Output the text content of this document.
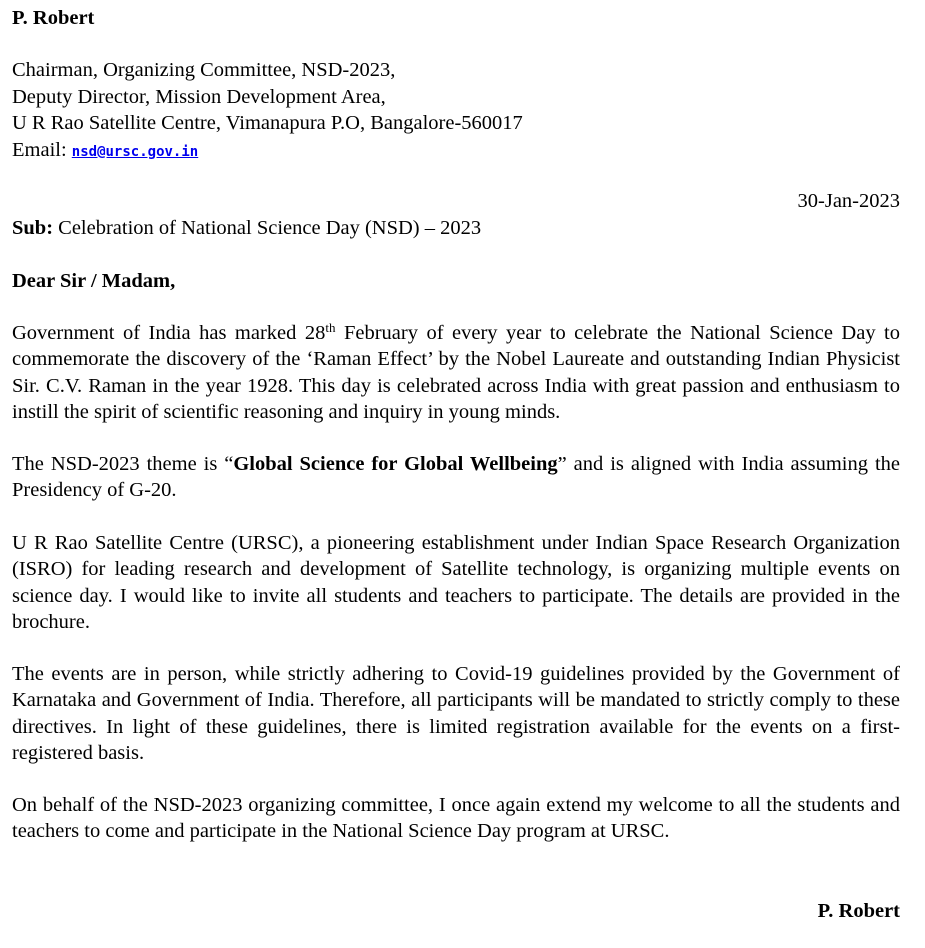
P. Robert
Chairman, Organizing Committee, NSD-2023,
Deputy Director, Mission Development Area,
U R Rao Satellite Centre, Vimanapura P.O, Bangalore-560017
Email: nsd@ursc.gov.in
30-Jan-2023
Sub: Celebration of National Science Day (NSD) – 2023
Dear Sir / Madam,
Government of India has marked 28th February of every year to celebrate the National Science Day to commemorate the discovery of the ‘Raman Effect’ by the Nobel Laureate and outstanding Indian Physicist Sir. C.V. Raman in the year 1928. This day is celebrated across India with great passion and enthusiasm to instill the spirit of scientific reasoning and inquiry in young minds.
The NSD-2023 theme is “Global Science for Global Wellbeing” and is aligned with India assuming the Presidency of G-20.
U R Rao Satellite Centre (URSC), a pioneering establishment under Indian Space Research Organization (ISRO) for leading research and development of Satellite technology, is organizing multiple events on science day. I would like to invite all students and teachers to participate. The details are provided in the brochure.
The events are in person, while strictly adhering to Covid-19 guidelines provided by the Government of Karnataka and Government of India. Therefore, all participants will be mandated to strictly comply to these directives. In light of these guidelines, there is limited registration available for the events on a first-registered basis.
On behalf of the NSD-2023 organizing committee, I once again extend my welcome to all the students and teachers to come and participate in the National Science Day program at URSC.
P. Robert
